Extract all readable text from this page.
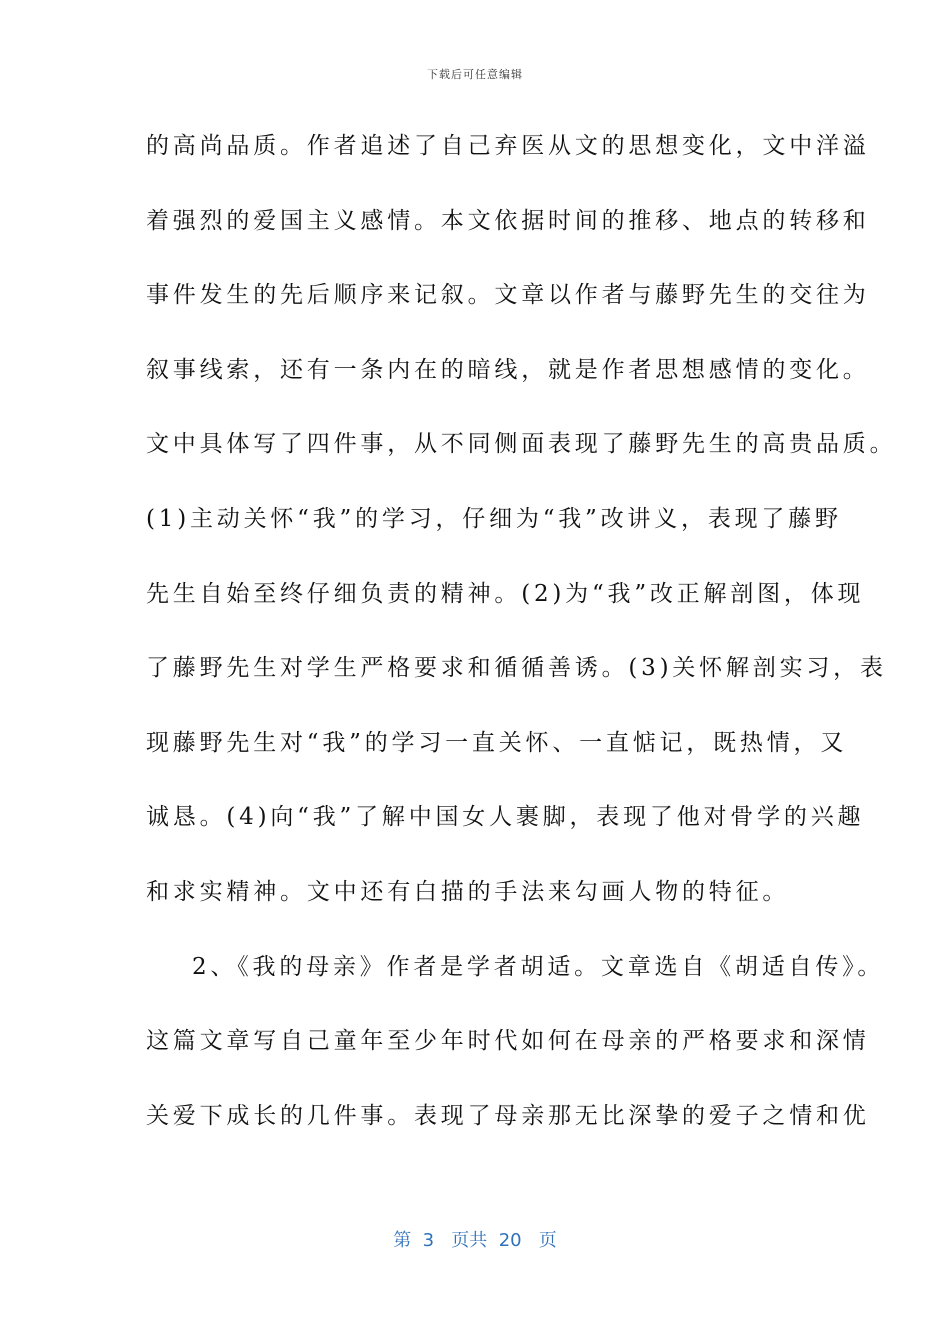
下载后可任意编辑
的高尚品质。作者追述了自己弃医从文的思想变化，文中洋溢
着强烈的爱国主义感情。本文依据时间的推移、地点的转移和
事件发生的先后顺序来记叙。文章以作者与藤野先生的交往为
叙事线索，还有一条内在的暗线，就是作者思想感情的变化。
文中具体写了四件事，从不同侧面表现了藤野先生的高贵品质。
(1)主动关怀“我”的学习，仔细为“我”改讲义，表现了藤野
先生自始至终仔细负责的精神。(2)为“我”改正解剖图，体现
了藤野先生对学生严格要求和循循善诱。(3)关怀解剖实习，表
现藤野先生对“我”的学习一直关怀、一直惦记，既热情，又
诚恳。(4)向“我”了解中国女人裹脚，表现了他对骨学的兴趣
和求实精神。文中还有白描的手法来勾画人物的特征。
2、《我的母亲》作者是学者胡适。文章选自《胡适自传》。
这篇文章写自己童年至少年时代如何在母亲的严格要求和深情
关爱下成长的几件事。表现了母亲那无比深挚的爱子之情和优
第 3 页共 20 页
